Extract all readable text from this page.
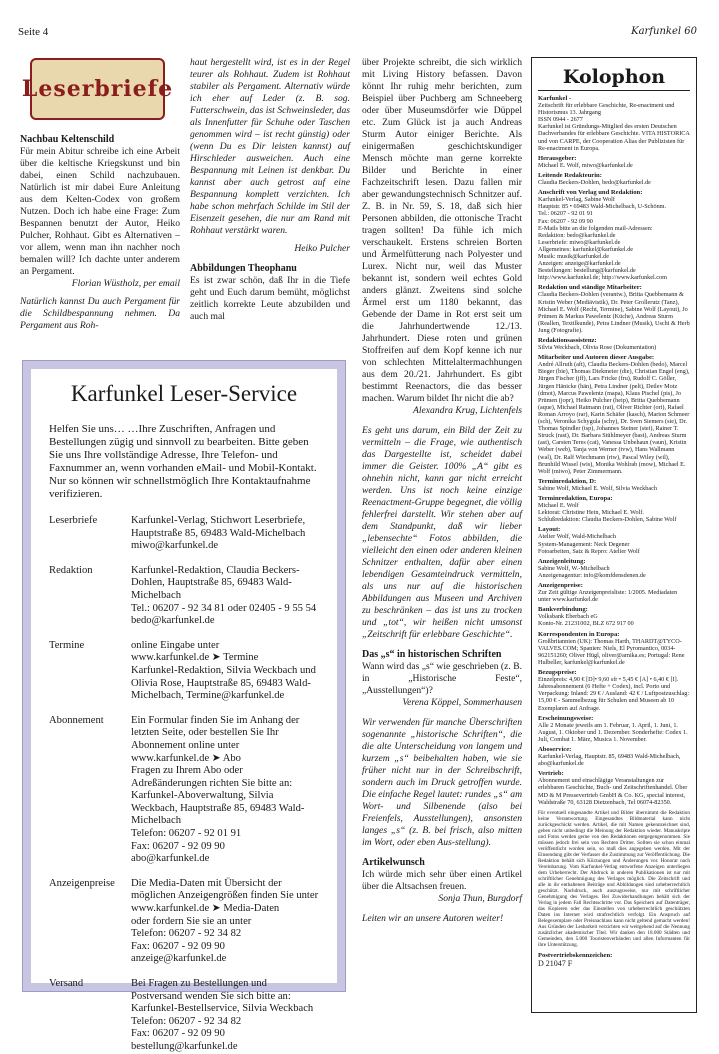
Seite 4	Karfunkel 60
Leserbriefe
Nachbau Keltenschild

Für mein Abitur schreibe ich eine Arbeit über die keltische Kriegskunst und bin dabei, einen Schild nachzubauen. Natürlich ist mir dabei Eure Anleitung aus dem Kelten-Codex von großem Nutzen. Doch ich habe eine Frage: Zum Bespannen benutzt der Autor, Heiko Pulcher, Rohhaut. Gibt es Alternativen – vor allem, wenn man ihn nachher noch bemalen will? Ich dachte unter anderem an Pergament.

Florian Wüstholz, per email

Natürlich kannst Du auch Pergament für die Schildbespannung nehmen. Da Pergament aus Roh-

haut hergestellt wird, ist es in der Regel teurer als Rohhaut. Zudem ist Rohhaut stabiler als Pergament. Alternativ würde ich eher auf Leder (z. B. sog. Futterschwein, das ist Schweinsleder, das als Innenfutter für Schuhe oder Taschen genommen wird – ist recht günstig) oder (wenn Du es Dir leisten kannst) auf Hirschleder ausweichen. Auch eine Bespannung mit Leinen ist denkbar. Du kannst aber auch getrost auf eine Bespannung komplett verzichten. Ich habe schon mehrfach Schilde im Stil der Eisenzeit gesehen, die nur am Rand mit Rohhaut verstärkt waren.

Heiko Pulcher

Abbildungen Theophanu

Es ist zwar schön, daß Ihr in die Tiefe geht und Euch darum bemüht, möglichst zeitlich korrekte Leute abzubilden und auch mal

Karfunkel Leser-Service

Helfen Sie uns… …Ihre Zuschriften, Anfragen und Bestellungen zügig und sinnvoll zu bearbeiten. Bitte geben Sie uns Ihre vollständige Adresse, Ihre Telefon- und Faxnummer an, wenn vorhanden eMail- und Mobil-Kontakt. Nur so können wir schnellstmöglich Ihre Kontaktaufnahme verifizieren.

Leserbriefe	Karfunkel-Verlag, Stichwort Leserbriefe,
Hauptstraße 85, 69483 Wald-Michelbach
miwo@karfunkel.de
Redaktion	Karfunkel-Redaktion, Claudia Beckers-Dohlen, Hauptstraße 85, 69483 Wald-Michelbach
Tel.: 06207 - 92 34 81 oder 02405 - 9 55 54
bedo@karfunkel.de
Termine	online Eingabe unter
www.karfunkel.de ➤ Termine
Karfunkel-Redaktion, Silvia Weckbach und Olivia Rose, Hauptstraße 85, 69483 Wald-Michelbach, Termine@karfunkel.de
Abonnement	Ein Formular finden Sie im Anhang der letzten Seite, oder bestellen Sie Ihr Abonnement online unter www.karfunkel.de ➤ Abo
Fragen zu Ihrem Abo oder Adreßänderungen richten Sie bitte an:
Karfunkel-Aboverwaltung, Silvia Weckbach, Hauptstraße 85, 69483 Wald-Michelbach
Telefon: 06207 - 92 01 91
Fax: 06207 - 92 09 90
abo@karfunkel.de
Anzeigenpreise	Die Media-Daten mit Übersicht der möglichen Anzeigengrößen finden Sie unter
www.karfunkel.de ➤ Media-Daten
oder fordern Sie sie an unter
Telefon: 06207 - 92 34 82
Fax: 06207 - 92 09 90
anzeige@karfunkel.de
Versand	Bei Fragen zu Bestellungen und Postversand wenden Sie sich bitte an:
Karfunkel-Bestellservice, Silvia Weckbach
Telefon: 06207 - 92 34 82
Fax: 06207 - 92 09 90
bestellung@karfunkel.de

über Projekte schreibt, die sich wirklich mit Living History befassen. Davon könnt Ihr ruhig mehr berichten, zum Beispiel über Puchberg am Schneeberg oder über Museumsdörfer wie Düppel etc. Zum Glück ist ja auch Andreas Sturm Autor einiger Berichte. Als einigermaßen geschichtskundiger Mensch möchte man gerne korrekte Bilder und Berichte in einer Fachzeitschrift lesen. Dazu fallen mir aber gewandungstechnisch Schnitzer auf. Z. B. in Nr. 59, S. 18, daß sich hier Personen abbilden, die ottonische Tracht tragen sollten! Da fühle ich mich verschaukelt. Erstens schreien Borten und Ärmelfütterung nach Polyester und Lurex. Nicht nur, weil das Muster bekannt ist, sondern weil echtes Gold anders glänzt. Zweitens sind solche Ärmel erst um 1180 bekannt, das Gebende der Dame in Rot erst seit um die Jahrhundertwende 12./13. Jahrhundert. Diese roten und grünen Stoffreifen auf dem Kopf kenne ich nur von schlechten Mittelaltermachhungen aus dem 20./21. Jahrhundert. Es gibt bestimmt Reenactors, die das besser machen. Warum bildet Ihr nicht die ab?

Alexandra Krug, Lichtenfels

Es geht uns darum, ein Bild der Zeit zu vermitteln – die Frage, wie authentisch das Dargestellte ist, scheidet dabei immer die Geister. 100% „A“ gibt es ohnehin nicht, kann gar nicht erreicht werden. Uns ist noch keine einzige Reenactment-Gruppe begegnet, die völlig fehlerfrei darstellt. Wir stehen aber auf dem Standpunkt, daß wir lieber „lebensechte“ Fotos abbilden, die vielleicht den einen oder anderen kleinen Schnitzer enthalten, dafür aber einen lebendigen Gesamteindruck vermitteln, als uns nur auf die historischen Abbildungen aus Museen und Archiven zu beschränken – das ist uns zu trocken und „tot“, wir heißen nicht umsonst „Zeitschrift für erlebbare Geschichte“.

Das „s“ in historischen Schriften

Wann wird das „s“ wie geschrieben (z. B. in „Historische Feste“, „Ausstellungen“)?

Verena Köppel, Sommerhausen

Wir verwenden für manche Überschriften sogenannte „historische Schriften“, die die alte Unterscheidung von langem und kurzem „s“ beibehalten haben, wie sie früher nicht nur in der Schreibschrift, sondern auch im Druck getroffen wurde. Die einfache Regel lautet: rundes „s“ am Wort- und Silbenende (also bei Freienfels, Ausstellungen), ansonsten langes „s“ (z. B. bei frisch, also mitten im Wort, oder eben Aus-stellung).

Artikelwunsch

Ich würde mich sehr über einen Artikel über die Altsachsen freuen.

Sonja Thun, Burgdorf

Leiten wir an unsere Autoren weiter!

Kolophon
Karfunkel -
Zeitschrift für erlebbare Geschichte, Re-enactment und Historismus 13. Jahrgang
ISSN 0944 - 2677
Karfunkel ist Gründungs-Mitglied des ersten Deutschen Dachverbandes für erlebbare Geschichte. VITA HISTORICA und von CARPE, der Cooperation Alias der Publizisten für Re-enactment in Europa.
Herausgeber:
Michael E. Wolf, miwo@karfunkel.de
Leitende Redakteurin:
Claudia Beckers-Dohlen, bedo@karfunkel.de
Anschrift von Verlag und Redaktion:
Karfunkel-Verlag, Sabine Wolf
Hauptstr. 85 • 69483 Wald-Michelbach, U-Schönm.
Tel.: 06207 - 92 01 91
Fax: 06207 - 92 09 90
E-Mails bitte an die folgenden mail-Adressen:
Redaktion: bedo@karfunkel.de
Leserbriefe: miwo@karfunkel.de
Allgemeines: karfunkel@karfunkel.de
Musik: musik@karfunkel.de
Anzeigen: anzeige@karfunkel.de
Bestellungen: bestellung@karfunkel.de
http://www.karfunkel.de; http://www.karfunkel.com
Redaktion und ständige Mitarbeiter:
Claudia Beckers-Dohlen (verantw.), Britta Quebbemann & Kristin Weber (Mediävistik), Dr. Peter Grollerutz (Tanz), Michael E. Wolf (Recht, Termine), Sabine Wolf (Layout), Jo Prümen & Markus Pawelentz (Küche), Andreas Sturm (Reallen, Textilkunde), Petra Lindner (Musik), Uschi & Herb Jung (Fotografie).
Redaktionsassistenz:
Silvia Weckbach, Olivia Rose (Dokumentation)
Mitarbeiter und Autoren dieser Ausgabe:
André Allruth (aft), Claudia Beckers-Dohlen (bedo), Marcel Bieger (bie), Thomas Diekmeier (die), Christian Engel (eng), Jürgen Fischer (jff), Lars Fricke (fru), Rudolf C. Göller, Jürgen Hänicke (hän), Petra Lindner (pelt), Detlev Motz (dmot), Marcus Pawelentz (mapa), Klaus Pischel (pis), Jo Prümen (jopr), Heiko Pulcher (heip), Britta Quebbemann (aque), Michael Ratmann (rat), Oliver Richter (ori), Rafael Roman Arroyo (rar), Karin Schäfer (kasch), Marion Schmeer (sch), Veronika Schygula (schy), Dr. Sven Siemers (sie), Dr. Thomas Spindler (tsp), Johannes Steiner (stei), Rainer T. Struck (rast), Dr. Barbara Stühlmeyer (bast), Andreas Sturm (ast), Carsten Teres (cat), Vanessa Unbehaun (vaun), Kristin Weber (web), Tanja von Werner (tvw), Hans Wallmann (wal), Dr. Ralf Wiechmann (riw), Pascal Wiley (wil), Brunhild Wissel (wis), Monika Wohlrab (mow), Michael E. Wolf (miwo), Peter Zimmermann.
Terminredaktion, D:
Sabine Wolf, Michael E. Wolf, Silvia Weckbach
Terminredaktion, Europa:
Michael E. Wolf
Lektorat: Christine Hein, Michael E. Wolf.
Schlußredaktion: Claudia Beckers-Dohlen, Sabine Wolf
Layout:
Atelier Wolf, Wald-Michelbach
System-Management: Neck Degener
Fotoarbeiten, Satz & Repro: Atelier Wolf
Anzeigenleitung:
Sabine Wolf, W.-Michelbach
Anzeigenagentur: info@komfdensdenen.de
Anzeigenpreise:
Zur Zeit gültige Anzeigenpreisliste: 1/2005. Mediadaten unter www.karfunkel.de
Bankverbindung:
Volksbank Eberbach eG
Konto-Nr. 21231002, BLZ 672 917 00
Korrespondenten in Europa:
Großbritannien (UK): Thomas Harth, THARDT@TYCO-VALVES.COM; Spanien: Niels, El Pyromantico, 0034-962151260; Oliver Hügl, oliver@arnika.es; Portugal: Rene Hulbeller, karfunkel@karfunkel.de
Bezugspreise:
Einzelpreis: 4,90 € [D]• 9,60 sfr • 5,45 € [A] • 6,40 € [I]. Jahresabonnement (6 Hefte + Codex), incl. Porto und Verpackung: Inland: 29 € / Ausland: 42 € / Luftpostzuschlag: 15,00 € - Sammelbezug für Schulen und Museen ab 10 Exemplaren auf Anfrage.
Erscheinungsweise:
Alle 2 Monate jeweils am 1. Februar, 1. April, 1. Juni, 1. August, 1. Oktober und 1. Dezember. Sonderhefte: Codex 1. Juli, Combat 1. März, Musica 1. November.
Aboservice:
Karfunkel-Verlag, Hauptstr. 85, 69483 Wald-Michelbach, abo@karfunkel.de
Vertrieb:
Abonnement und einschlägige Veranstaltungen zur erlebbaren Geschichte, Buch- und Zeitschriftenhandel. Über MD & M Pressevertrieb GmbH & Co. KG, special interest, Waldstraße 70, 63128 Dietzenbach, Tel 06074-82350.
Für eventuell eingesandte Artikel und Bilder übernimmt die Redaktion keine Verantwortung. Eingesandtes Bildmaterial kann nicht zurückgeschickt werden. Artikel, die mit Namen gekennzeichnet sind, geben nicht unbedingt die Meinung der Redaktion wieder. Manuskripte und Fotos werden gerne von den Redaktionen entgegengenommen. Sie müssen jedoch frei sein von Rechten Dritter. Sollten sie schon einmal veröffentlicht worden sein, so muß dies angegeben werden. Mit der Einsendung gibt der Verfasser die Zustimmung zur Veröffentlichung. Die Redaktion behält sich Kürzungen und Änderungen vor. Honorar nach Vereinbarung. Vom Karfunkel-Verlag entworfene Anzeigen unterliegen dem Urheberrecht. Der Abdruck in anderen Publikationen ist nur mit schriftlicher Genehmigung des Verlages möglich. Die Zeitschrift und alle in ihr enthaltenen Beiträge und Abbildungen sind urheberrechtlich geschützt. Nachdruck, auch auszugsweise, nur mit schriftlicher Genehmigung des Verlages. Bei Zuwiderhandlungen behält sich der Verlag in jedem Fall Rechtsschritte vor. Das Speichern auf Datenträger, das Kopieren oder das Einstellen von urheberrechtlich geschützten Daten ins Internet wird strafrechtlich verfolgt. Ein Anspruch auf Belegexemplare oder Preisnachlass kann nicht geltend gemacht werden! Aus Gründen der Lesbarkeit verzichten wir weitgehend auf die Nennung zusätzlicher akademischer Titel. Wir danken den 18.000 Städten und Gemeinden, den 5.000 Touristenverbänden und allen Informanten für ihre Unterstützung.
Postvertriebskennzeichen:
D 21047 F
